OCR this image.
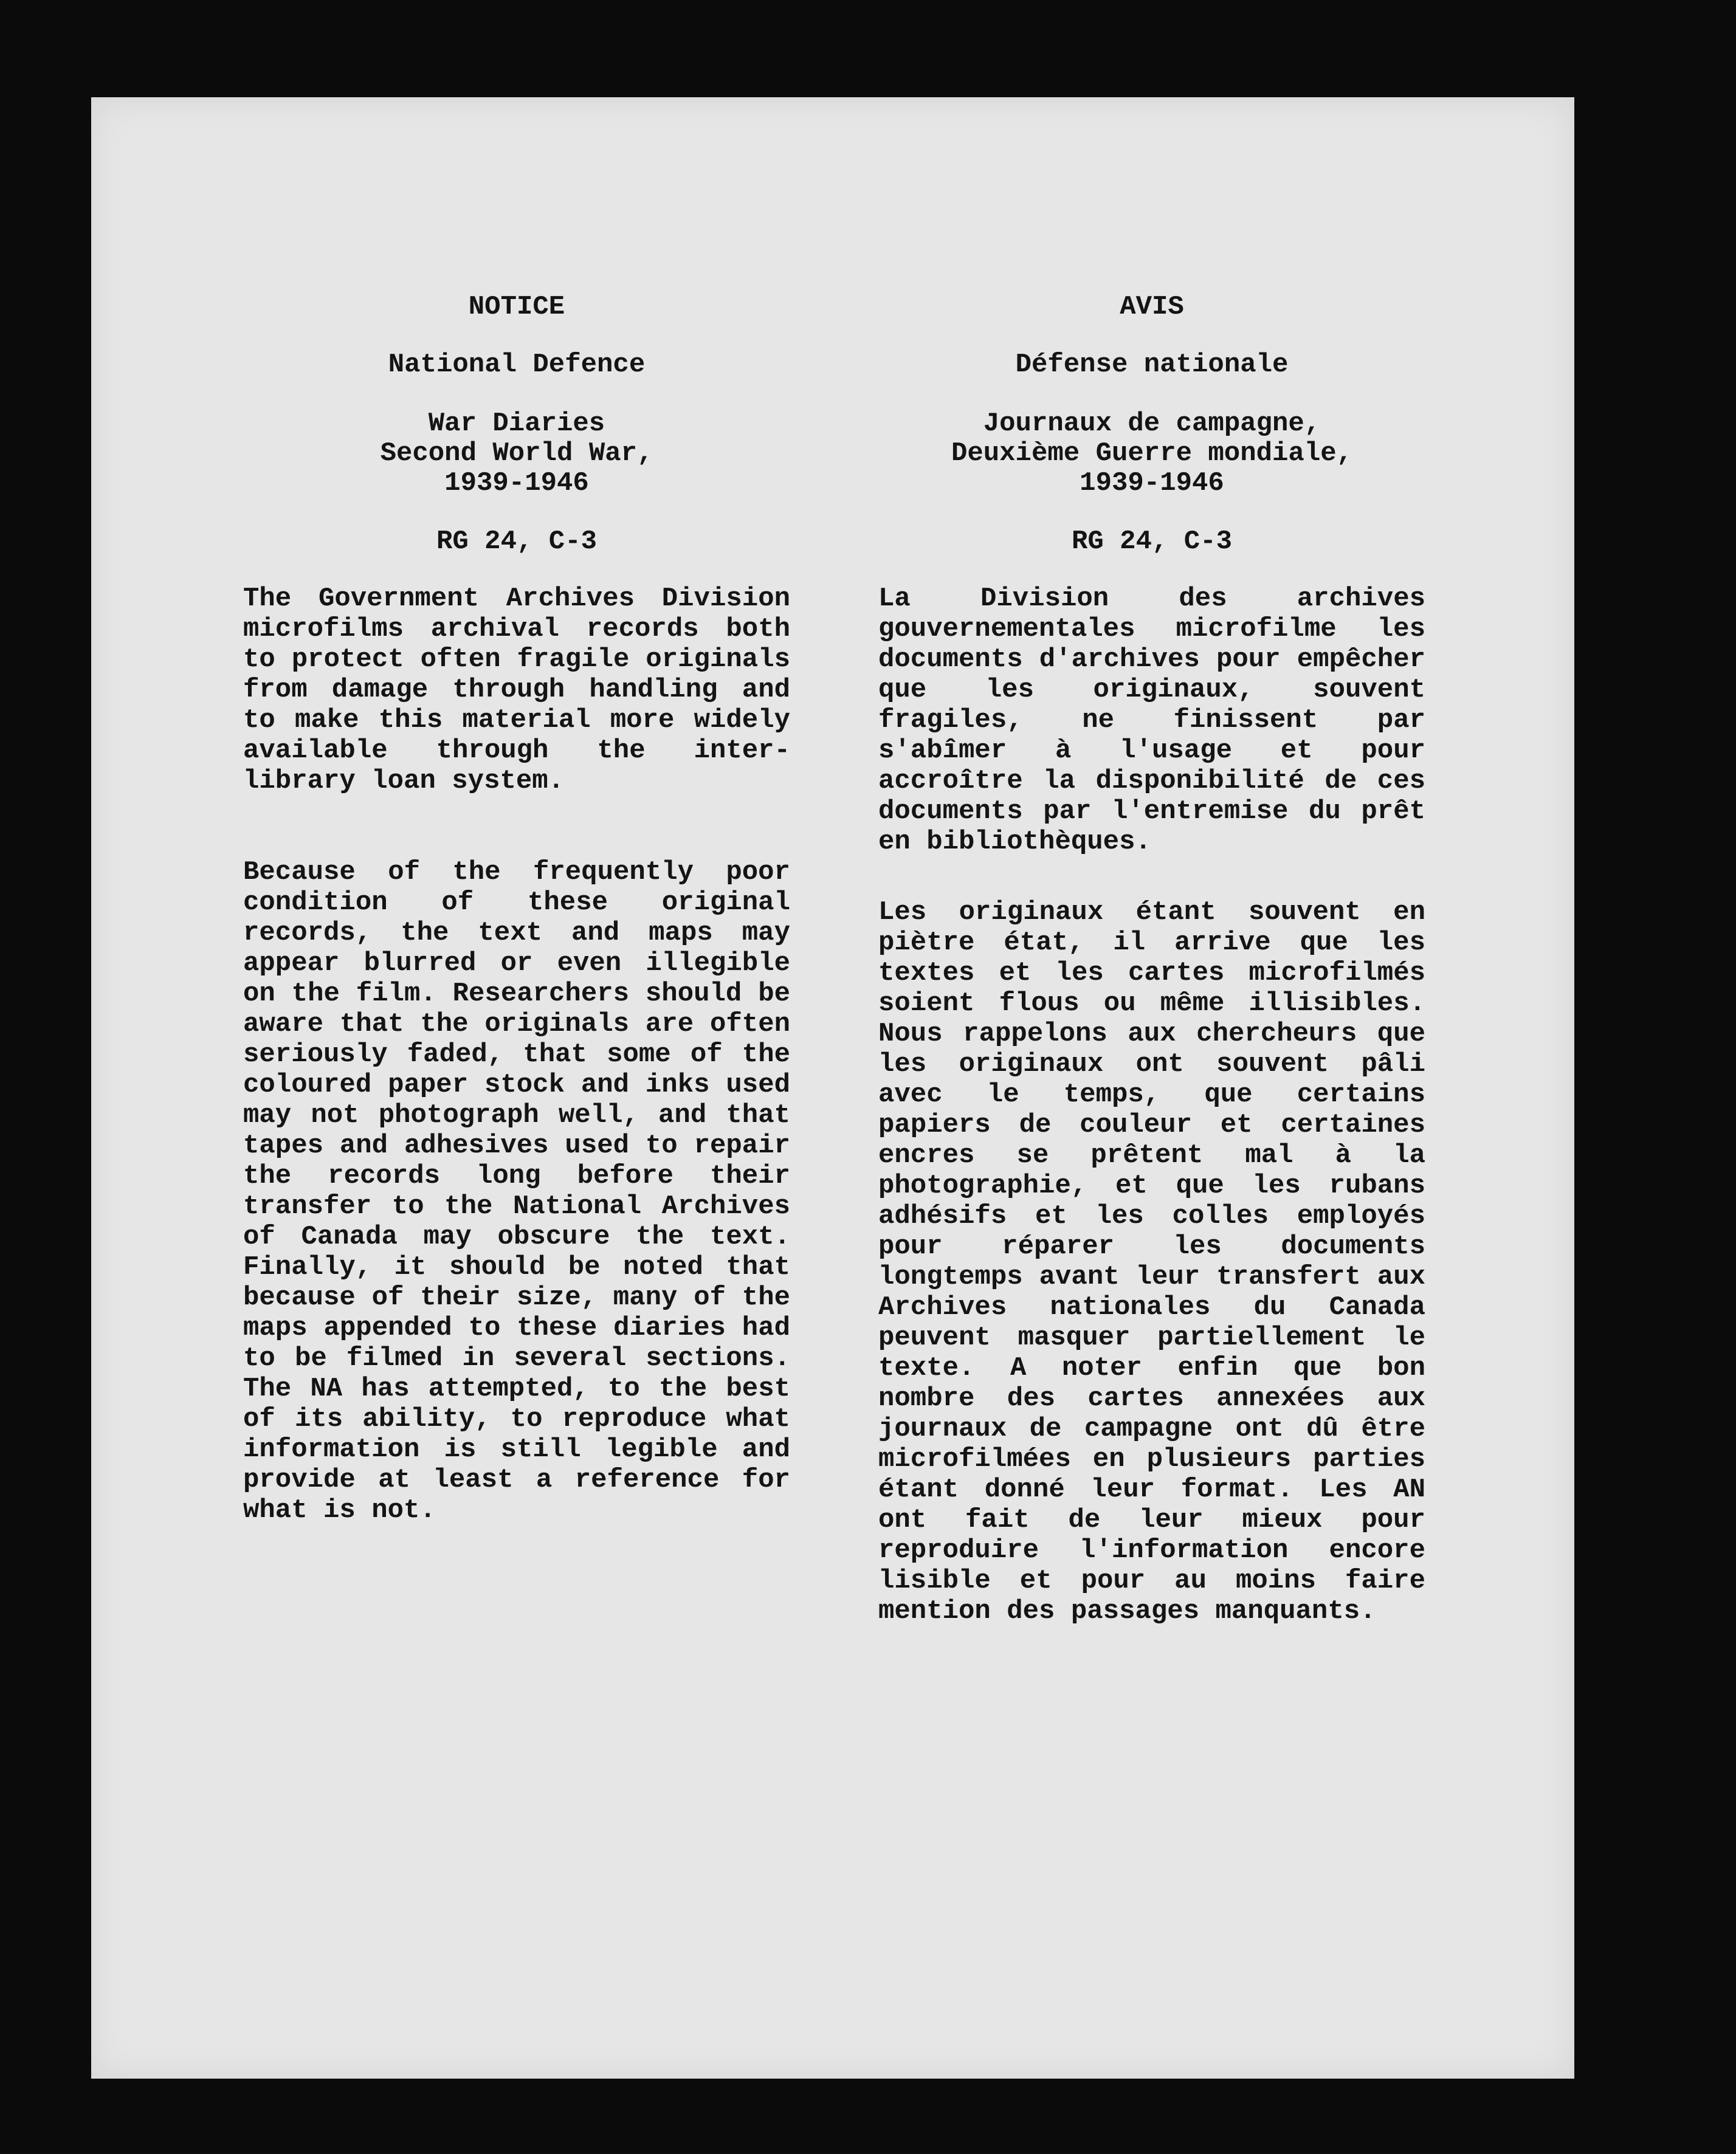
NOTICE

National Defence

War Diaries
Second World War,
1939-1946

RG 24, C-3

The Government Archives Division microfilms archival records both to protect often fragile originals from damage through handling and to make this material more widely available through the inter-library loan system.

Because of the frequently poor condition of these original records, the text and maps may appear blurred or even illegible on the film. Researchers should be aware that the originals are often seriously faded, that some of the coloured paper stock and inks used may not photograph well, and that tapes and adhesives used to repair the records long before their transfer to the National Archives of Canada may obscure the text. Finally, it should be noted that because of their size, many of the maps appended to these diaries had to be filmed in several sections. The NA has attempted, to the best of its ability, to reproduce what information is still legible and provide at least a reference for what is not.

AVIS

Défense nationale

Journaux de campagne,
Deuxième Guerre mondiale,
1939-1946

RG 24, C-3

La Division des archives gouvernementales microfilme les documents d'archives pour empêcher que les originaux, souvent fragiles, ne finissent par s'abîmer à l'usage et pour accroître la disponibilité de ces documents par l'entremise du prêt en bibliothèques.

Les originaux étant souvent en piètre état, il arrive que les textes et les cartes microfilmés soient flous ou même illisibles. Nous rappelons aux chercheurs que les originaux ont souvent pâli avec le temps, que certains papiers de couleur et certaines encres se prêtent mal à la photographie, et que les rubans adhésifs et les colles employés pour réparer les documents longtemps avant leur transfert aux Archives nationales du Canada peuvent masquer partiellement le texte. A noter enfin que bon nombre des cartes annexées aux journaux de campagne ont dû être microfilmées en plusieurs parties étant donné leur format. Les AN ont fait de leur mieux pour reproduire l'information encore lisible et pour au moins faire mention des passages manquants.
